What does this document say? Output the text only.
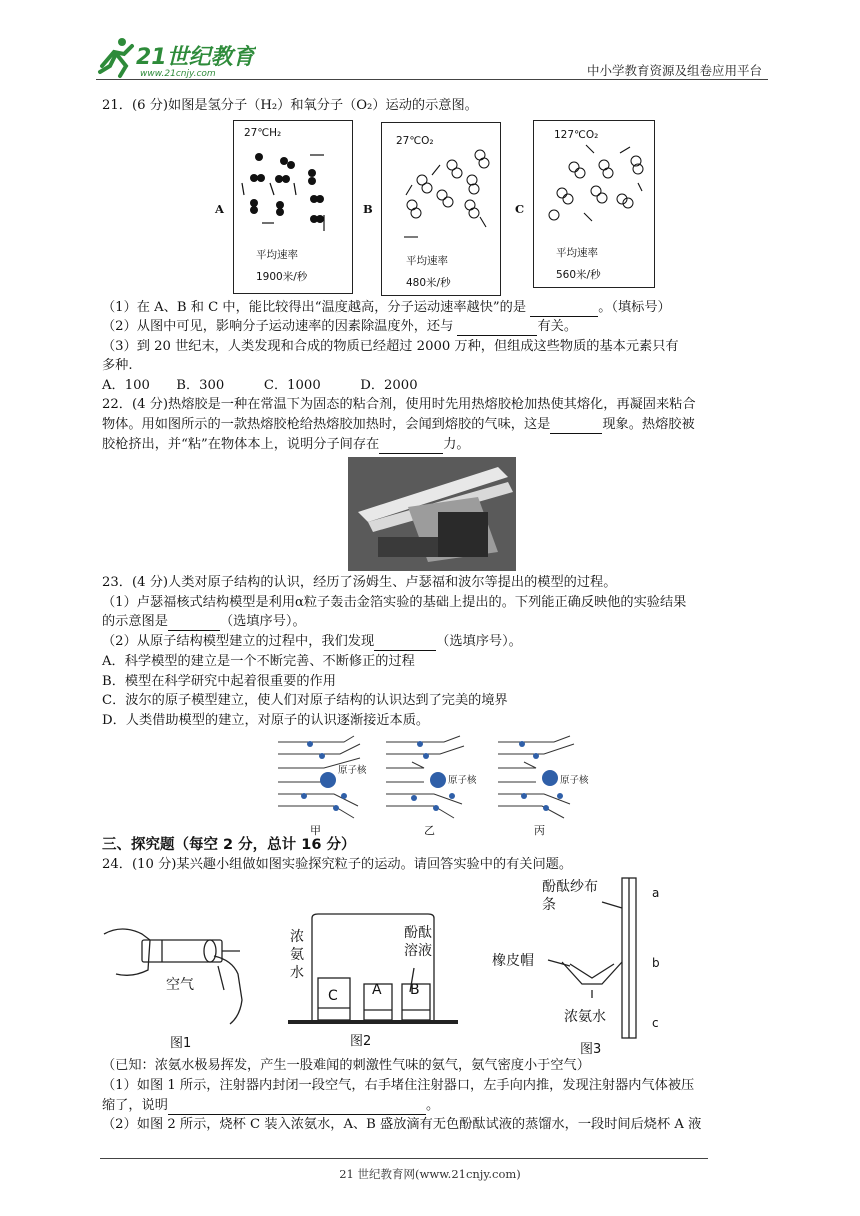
21世纪教育
www.21cnjy.com	中小学教育资源及组卷应用平台
21．(6 分)如图是氢分子（H₂）和氧分子（O₂）运动的示意图。
A
27℃H₂
平均速率
1900米/秒
B
27℃O₂
平均速率
480米/秒
C
127℃O₂
平均速率
560米/秒
（1）在 A、B 和 C 中，能比较得出“温度越高，分子运动速率越快”的是	。（填标号）
（2）从图中可见，影响分子运动速率的因素除温度外，还与	有关。
（3）到 20 世纪末，人类发现和合成的物质已经超过 2000 万种，但组成这些物质的基本元素只有
多种.
A．100　　B．300　　　C．1000　　　D．2000
22．(4 分)热熔胶是一种在常温下为固态的粘合剂，使用时先用热熔胶枪加热使其熔化，再凝固来粘合
物体。用如图所示的一款热熔胶枪给热熔胶加热时，会闻到熔胶的气味，这是	现象。热熔胶被
胶枪挤出，并“粘”在物体本上，说明分子间存在	力。
23．(4 分)人类对原子结构的认识，经历了汤姆生、卢瑟福和波尔等提出的模型的过程。
（1）卢瑟福核式结构模型是利用α粒子轰击金箔实验的基础上提出的。下列能正确反映他的实验结果
的示意图是	（选填序号）。
（2）从原子结构模型建立的过程中，我们发现	（选填序号）。
A．科学模型的建立是一个不断完善、不断修正的过程
B．模型在科学研究中起着很重要的作用
C．波尔的原子模型建立，使人们对原子结构的认识达到了完美的境界
D．人类借助模型的建立，对原子的认识逐渐接近本质。
原子核
原子核	原子核
甲	乙	丙
三、探究题（每空 2 分，总计 16 分）
24．(10 分)某兴趣小组做如图实验探究粒子的运动。请回答实验中的有关问题。
空气
图1
浓氨水
酚酞溶液
C A B
图2
酚酞纱布条
橡皮帽
浓氨水
a
b
c
图3
（已知：浓氨水极易挥发，产生一股难闻的刺激性气味的氨气，氨气密度小于空气）
（1）如图 1 所示，注射器内封闭一段空气，右手堵住注射器口，左手向内推，发现注射器内气体被压
缩了，说明	。
（2）如图 2 所示，烧杯 C 装入浓氨水，A、B 盛放滴有无色酚酞试液的蒸馏水，一段时间后烧杯 A 液
21 世纪教育网(www.21cnjy.com)
